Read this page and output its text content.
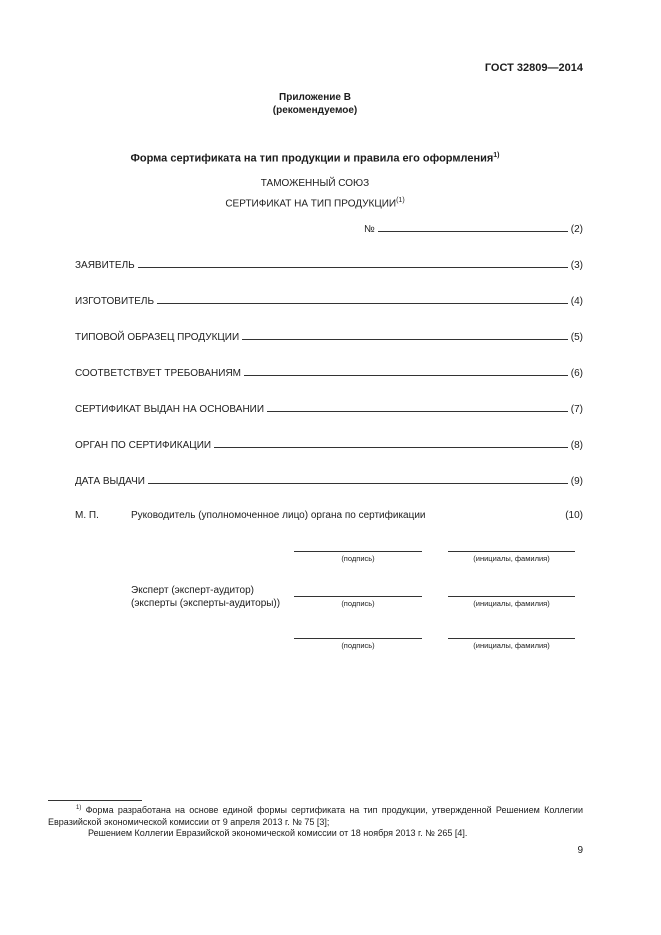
ГОСТ 32809—2014
Приложение В
(рекомендуемое)
Форма сертификата на тип продукции и правила его оформления$^{1)}$
ТАМОЖЕННЫЙ СОЮЗ
СЕРТИФИКАТ НА ТИП ПРОДУКЦИИ$^{(1)}$
№	(2)
ЗАЯВИТЕЛЬ	(3)
ИЗГОТОВИТЕЛЬ	(4)
ТИПОВОЙ ОБРАЗЕЦ ПРОДУКЦИИ	(5)
СООТВЕТСТВУЕТ ТРЕБОВАНИЯМ	(6)
СЕРТИФИКАТ ВЫДАН НА ОСНОВАНИИ	(7)
ОРГАН ПО СЕРТИФИКАЦИИ	(8)
ДАТА ВЫДАЧИ	(9)
М. П.	Руководитель (уполномоченное лицо) органа по сертификации	(10)
(подпись)	(инициалы, фамилия)
Эксперт (эксперт-аудитор)
(эксперты (эксперты-аудиторы))	(подпись)	(инициалы, фамилия)
(подпись)	(инициалы, фамилия)
$^{1)}$ Форма разработана на основе единой формы сертификата на тип продукции, утвержденной Решением Коллегии Евразийской экономической комиссии от 9 апреля 2013 г. № 75 [3];
Решением Коллегии Евразийской экономической комиссии от 18 ноября 2013 г. № 265 [4].
9
